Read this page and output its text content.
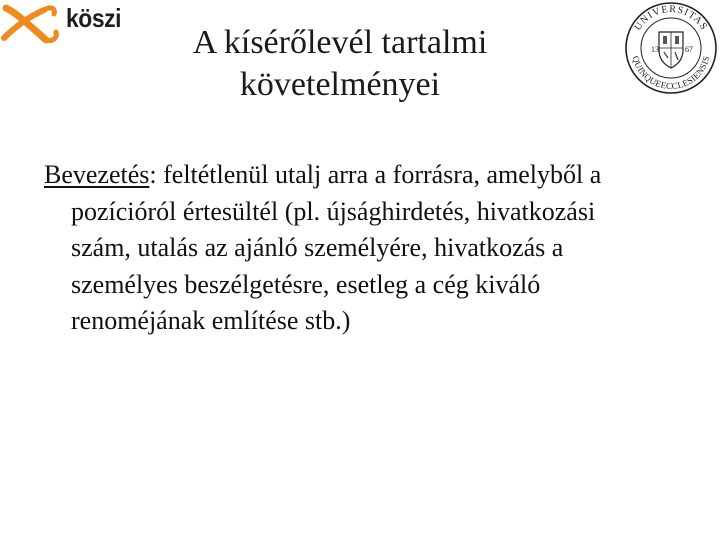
köszi	UNIVERSITAS
QUINQUEECCLESIENSIS
13	67
A kísérőlevél tartalmi
követelményei

Bevezetés: feltétlenül utalj arra a forrásra, amelyből a pozícióról értesültél (pl. újsághirdetés, hivatkozási szám, utalás az ajánló személyére, hivatkozás a személyes beszélgetésre, esetleg a cég kiváló renoméjának említése stb.)
